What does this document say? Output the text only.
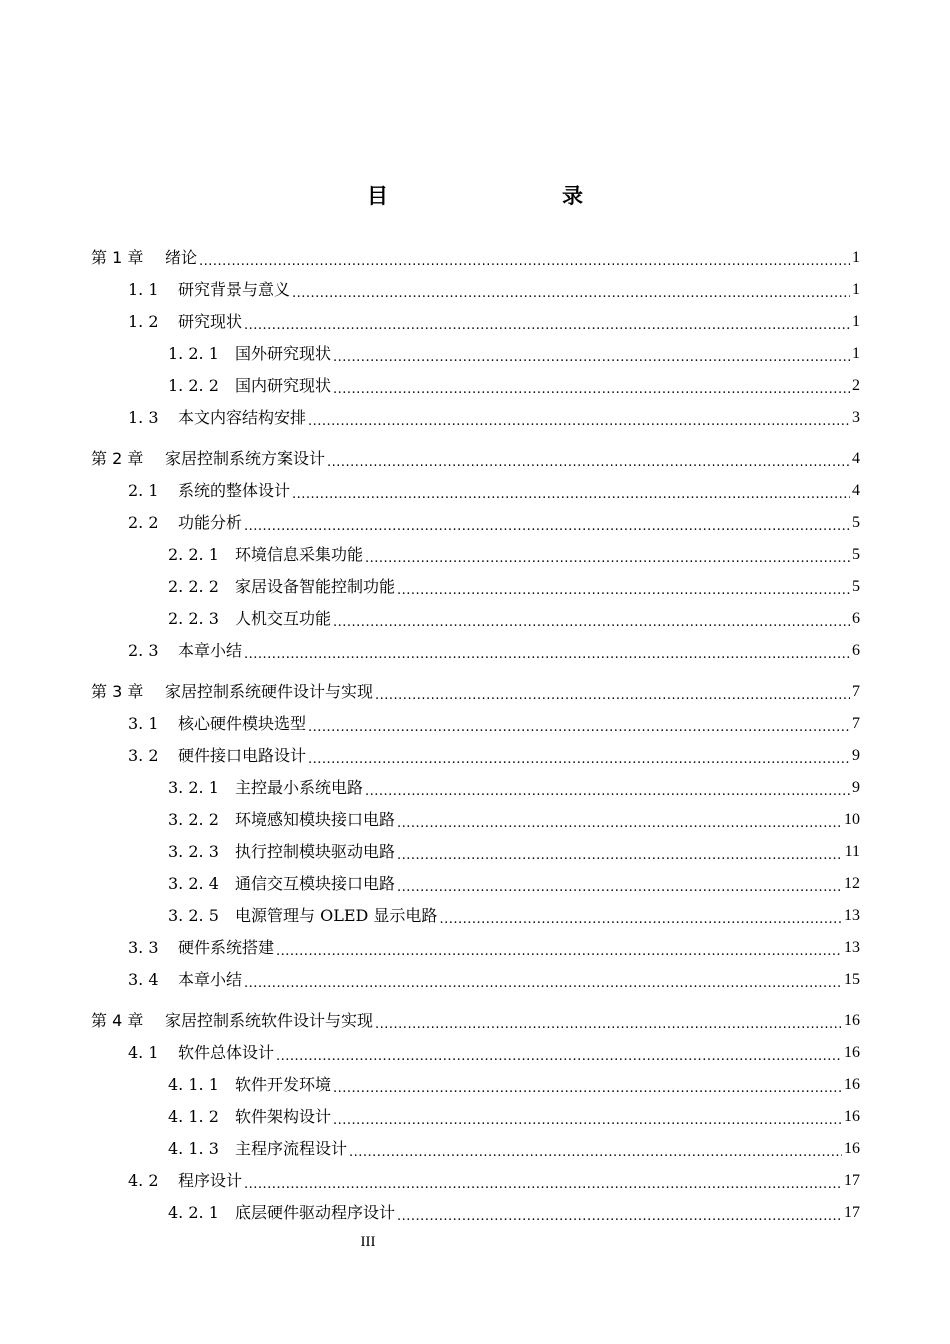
目　　录
第 1 章	绪论 .....	1
1. 1	研究背景与意义 .....	1
1. 2	研究现状 .....	1
1. 2. 1	国外研究现状 .....	1
1. 2. 2	国内研究现状 .....	2
1. 3	本文内容结构安排 .....	3
第 2 章	家居控制系统方案设计 .....	4
2. 1	系统的整体设计 .....	4
2. 2	功能分析 .....	5
2. 2. 1	环境信息采集功能 .....	5
2. 2. 2	家居设备智能控制功能 .....	5
2. 2. 3	人机交互功能 .....	6
2. 3	本章小结 .....	6
第 3 章	家居控制系统硬件设计与实现 .....	7
3. 1	核心硬件模块选型 .....	7
3. 2	硬件接口电路设计 .....	9
3. 2. 1	主控最小系统电路 .....	9
3. 2. 2	环境感知模块接口电路 .....	10
3. 2. 3	执行控制模块驱动电路 .....	11
3. 2. 4	通信交互模块接口电路 .....	12
3. 2. 5	电源管理与 OLED 显示电路 .....	13
3. 3	硬件系统搭建 .....	13
3. 4	本章小结 .....	15
第 4 章	家居控制系统软件设计与实现 .....	16
4. 1	软件总体设计 .....	16
4. 1. 1	软件开发环境 .....	16
4. 1. 2	软件架构设计 .....	16
4. 1. 3	主程序流程设计 .....	16
4. 2	程序设计 .....	17
4. 2. 1	底层硬件驱动程序设计 .....	17
III
